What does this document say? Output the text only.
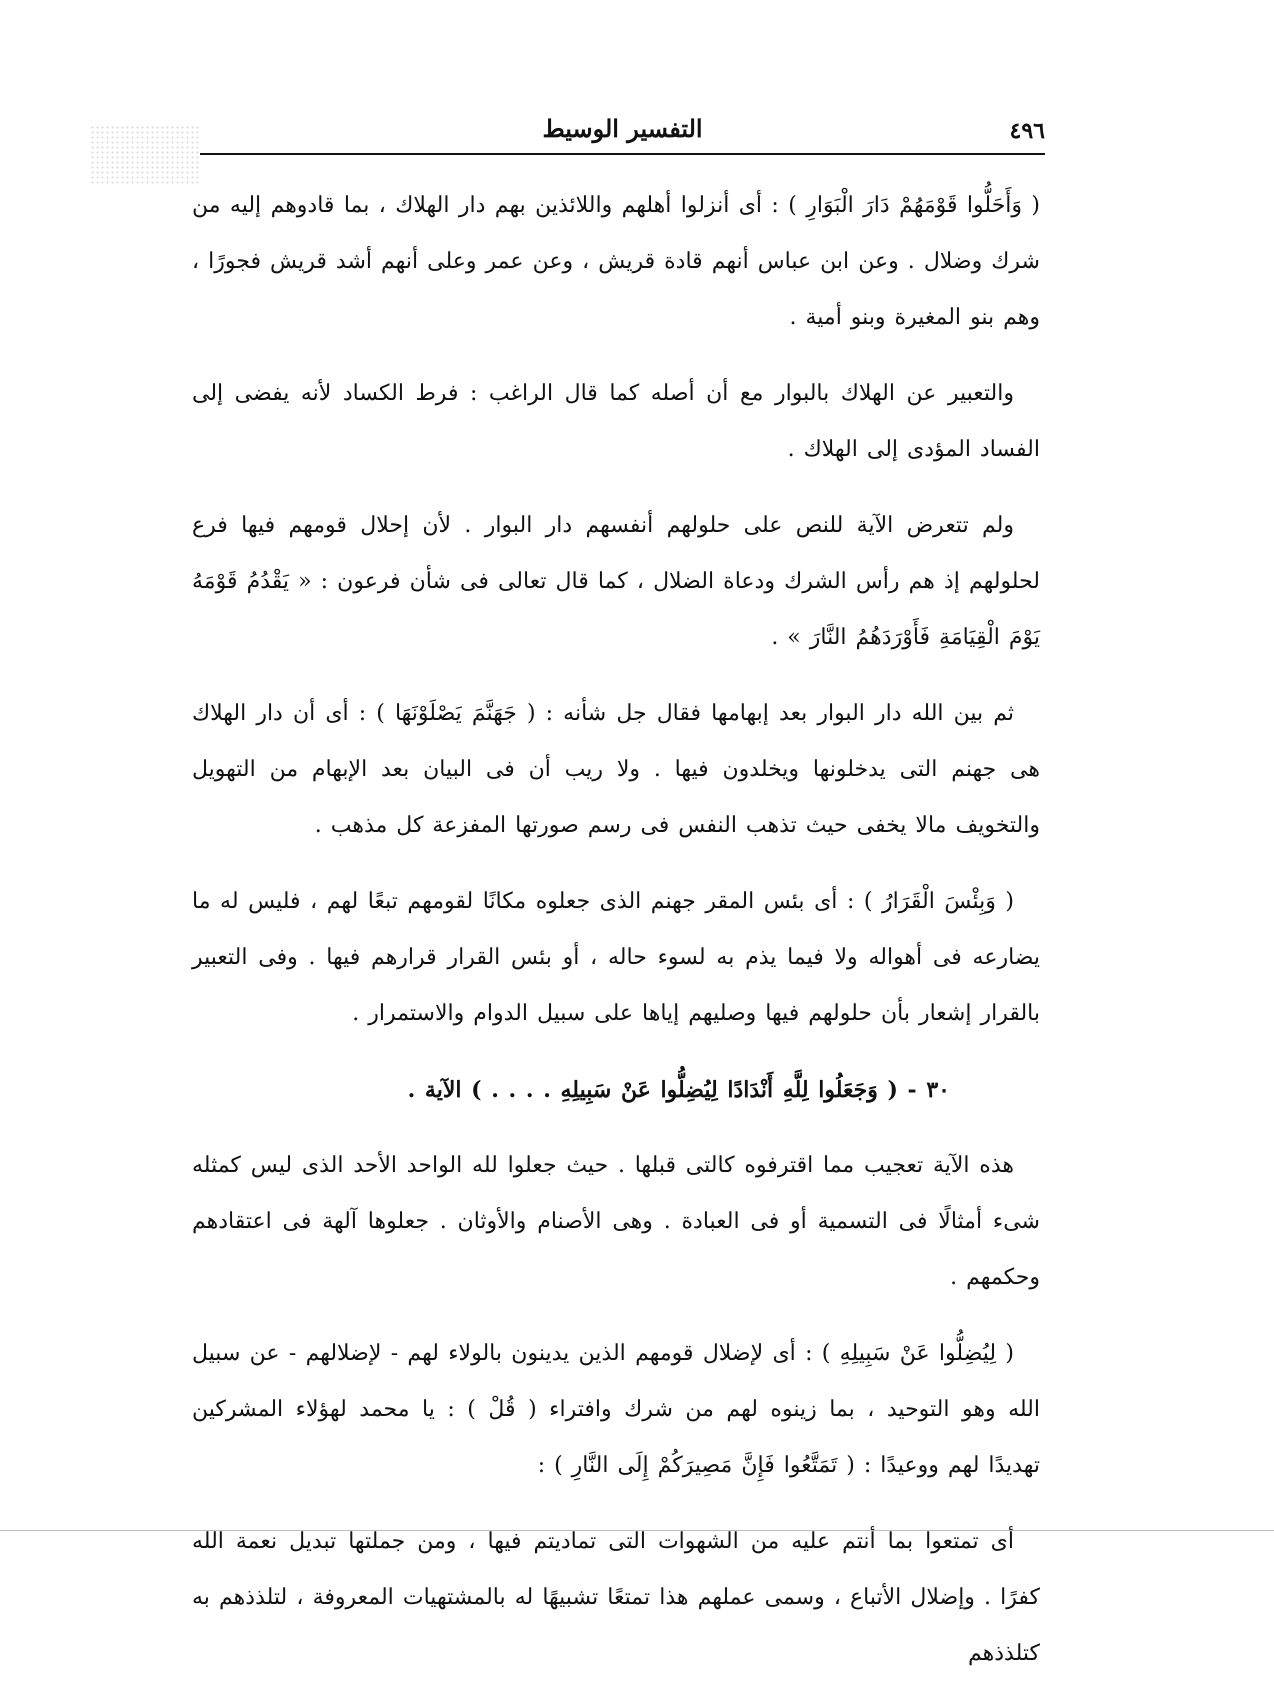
٤٩٦
التفسير الوسيط

( وَأَحَلُّوا قَوْمَهُمْ دَارَ الْبَوَارِ ) : أى أنزلوا أهلهم واللائذين بهم دار الهلاك ، بما قادوهم إليه من شرك وضلال . وعن ابن عباس أنهم قادة قريش ، وعن عمر وعلى أنهم أشد قريش فجورًا ، وهم بنو المغيرة وبنو أمية .

والتعبير عن الهلاك بالبوار مع أن أصله كما قال الراغب : فرط الكساد لأنه يفضى إلى الفساد المؤدى إلى الهلاك .

ولم تتعرض الآية للنص على حلولهم أنفسهم دار البوار . لأن إحلال قومهم فيها فرع لحلولهم إذ هم رأس الشرك ودعاة الضلال ، كما قال تعالى فى شأن فرعون : « يَقْدُمُ قَوْمَهُ يَوْمَ الْقِيَامَةِ فَأَوْرَدَهُمُ النَّارَ » .

ثم بين الله دار البوار بعد إبهامها فقال جل شأنه : ( جَهَنَّمَ يَصْلَوْنَهَا ) : أى أن دار الهلاك هى جهنم التى يدخلونها ويخلدون فيها . ولا ريب أن فى البيان بعد الإبهام من التهويل والتخويف مالا يخفى حيث تذهب النفس فى رسم صورتها المفزعة كل مذهب .

( وَبِئْسَ الْقَرَارُ ) : أى بئس المقر جهنم الذى جعلوه مكانًا لقومهم تبعًا لهم ، فليس له ما يضارعه فى أهواله ولا فيما يذم به لسوء حاله ، أو بئس القرار قرارهم فيها . وفى التعبير بالقرار إشعار بأن حلولهم فيها وصليهم إياها على سبيل الدوام والاستمرار .

٣٠ - ( وَجَعَلُوا لِلَّهِ أَنْدَادًا لِيُضِلُّوا عَنْ سَبِيلِهِ . . . . ) الآية .

هذه الآية تعجيب مما اقترفوه كالتى قبلها . حيث جعلوا لله الواحد الأحد الذى ليس كمثله شىء أمثالًا فى التسمية أو فى العبادة . وهى الأصنام والأوثان . جعلوها آلهة فى اعتقادهم وحكمهم .

( لِيُضِلُّوا عَنْ سَبِيلِهِ ) : أى لإضلال قومهم الذين يدينون بالولاء لهم - لإضلالهم - عن سبيل الله وهو التوحيد ، بما زينوه لهم من شرك وافتراء ( قُلْ ) : يا محمد لهؤلاء المشركين تهديدًا لهم ووعيدًا : ( تَمَتَّعُوا فَإِنَّ مَصِيرَكُمْ إِلَى النَّارِ ) :

أى تمتعوا بما أنتم عليه من الشهوات التى تماديتم فيها ، ومن جملتها تبديل نعمة الله كفرًا . وإضلال الأتباع ، وسمى عملهم هذا تمتعًا تشبيهًا له بالمشتهيات المعروفة ، لتلذذهم به كتلذذهم
